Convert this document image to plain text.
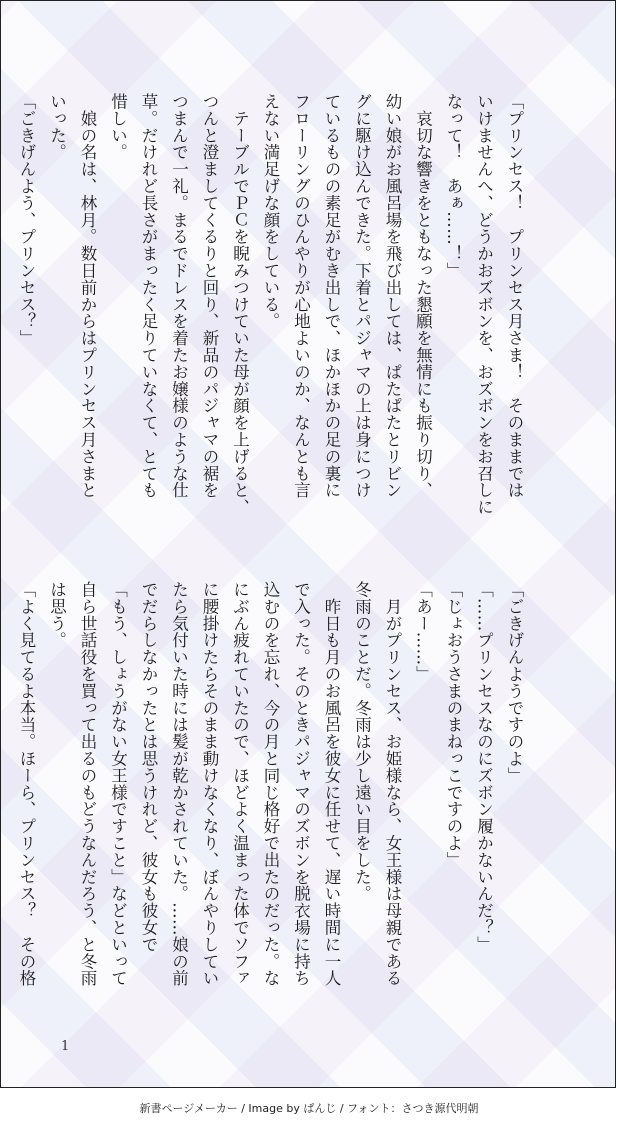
「プリンセス！　プリンセス月さま！　そのままでは
いけませんへ、どうかおズボンを、おズボンをお召しに
なって！　あぁ……！」

　哀切な響きをともなった懇願を無情にも振り切り、
幼い娘がお風呂場を飛び出しては、ぱたぱたとリビン
グに駆け込んできた。下着とパジャマの上は身につけ
ているものの素足がむき出しで、ほかほかの足の裏に
フローリングのひんやりが心地よいのか、なんとも言
えない満足げな顔をしている。

　テーブルでＰＣを睨みつけていた母が顔を上げると、
つんと澄ましてくるりと回り、新品のパジャマの裾を
つまんで一礼。まるでドレスを着たお嬢様のような仕
草。だけれど長さがまったく足りていなくて、とても
惜しい。

　娘の名は、林月。数日前からはプリンセス月さまと
いった。

「ごきげんよう、プリンセス？」

「ごきげんようですのよ」

「……プリンセスなのにズボン履かないんだ？」

「じょおうさまのまねっこですのよ」

「あー……」

　月がプリンセス、お姫様なら、女王様は母親である
冬雨のことだ。冬雨は少し遠い目をした。

　昨日も月のお風呂を彼女に任せて、遅い時間に一人
で入った。そのときパジャマのズボンを脱衣場に持ち
込むのを忘れ、今の月と同じ格好で出たのだった。な
にぶん疲れていたので、ほどよく温まった体でソファ
に腰掛けたらそのまま動けなくなり、ぼんやりしてい
たら気付いた時には髪が乾かされていた。……娘の前
でだらしなかったとは思うけれど、彼女も彼女で
「もう、しょうがない女王様ですこと」などといって
自ら世話役を買って出るのもどうなんだろう、と冬雨
は思う。

「よく見てるよ本当。ほーら、プリンセス？　その格

1
新書ページメーカー / Image by ぱんじ / フォント：さつき源代明朝
